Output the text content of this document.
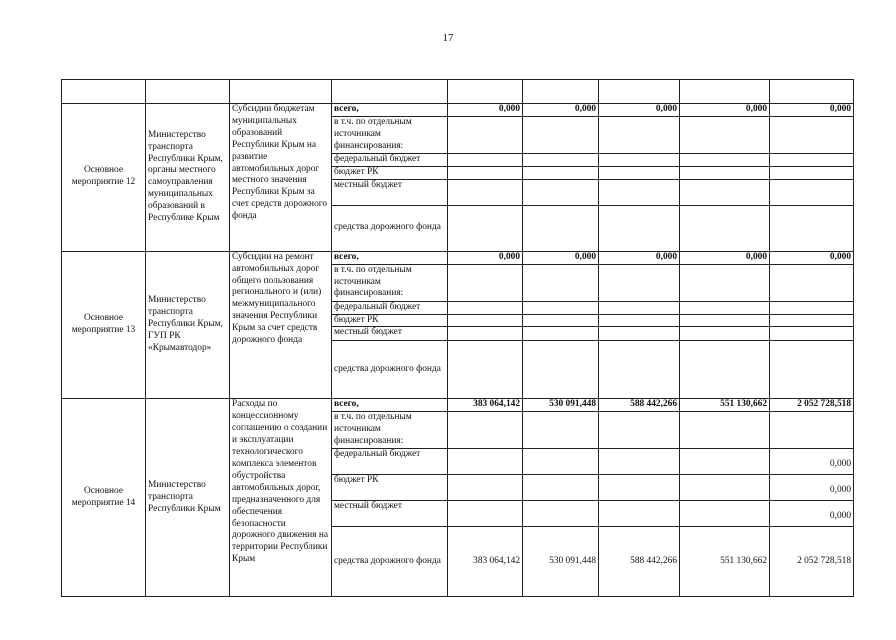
17

Основное мероприятие 12	Министерство транспорта Республики Крым, органы местного самоуправления муниципальных образований в Республике Крым	Субсидии бюджетам муниципальных образований Республики Крым на развитие автомобильных дорог местного значения Республики Крым за счет средств дорожного фонда	всего,	0,000	0,000	0,000	0,000	0,000
			в т.ч. по отдельным источникам финансирования:					
			федеральный бюджет					
			бюджет РК					
			местный бюджет					
			средства дорожного фонда					
Основное мероприятие 13	Министерство транспорта Республики Крым, ГУП РК «Крымавтодор»	Субсидии на ремонт автомобильных дорог общего пользования регионального и (или) межмуниципального значения Республики Крым за счет средств дорожного фонда	всего,	0,000	0,000	0,000	0,000	0,000
			в т.ч. по отдельным источникам финансирования:					
			федеральный бюджет					
			бюджет РК					
			местный бюджет					
			средства дорожного фонда					
Основное мероприятие 14	Министерство транспорта Республики Крым	Расходы по концессионному соглашению о создании и эксплуатации технологического комплекса элементов обустройства автомобильных дорог, предназначенного для обеспечения безопасности дорожного движения на территории Республики Крым	всего,	383 064,142	530 091,448	588 442,266	551 130,662	2 052 728,518
			в т.ч. по отдельным источникам финансирования:					
			федеральный бюджет					0,000
			бюджет РК					0,000
			местный бюджет					0,000
			средства дорожного фонда	383 064,142	530 091,448	588 442,266	551 130,662	2 052 728,518
